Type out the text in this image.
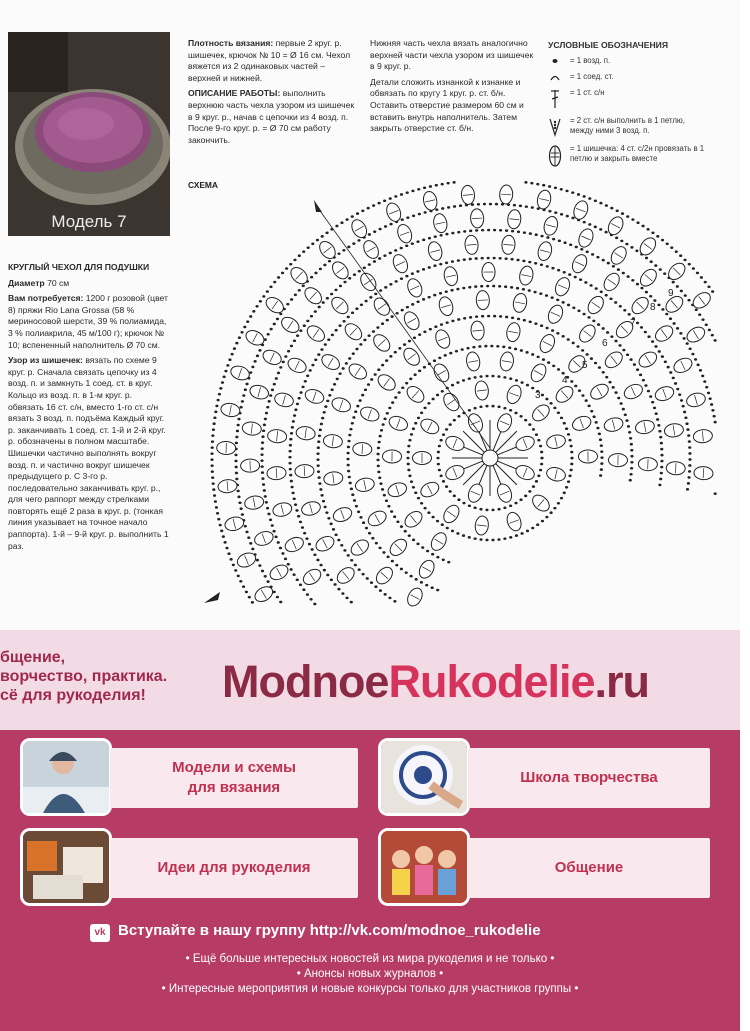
Модель 7
КРУГЛЫЙ ЧЕХОЛ ДЛЯ ПОДУШКИ

Диаметр 70 см

Вам потребуется: 1200 г розовой (цвет 8) пряжи Rio Lana Grossa (58 % мериносовой шерсти, 39 % полиамида, 3 % полиакрила, 45 м/100 г); крючок № 10; вспененный наполнитель Ø 70 см.

Узор из шишечек: вязать по схеме 9 круг. р. Сначала связать цепочку из 4 возд. п. и замкнуть 1 соед. ст. в круг. Кольцо из возд. п. в 1-м круг. р. обвязать 16 ст. с/н, вместо 1-го ст. с/н вязать 3 возд. п. подъёма Каждый круг. р. заканчивать 1 соед. ст. 1-й и 2-й круг. р. обозначены в полном масштабе. Шишечки частично выполнять вокруг возд. п. и частично вокруг шишечек предыдущего р. С 3-го р. последовательно заканчивать круг. р., для чего раппорт между стрелками повторять ещё 2 раза в круг. р. (тонкая линия указывает на точное начало раппорта). 1-й – 9-й круг. р. выполнить 1 раз.

Плотность вязания: первые 2 круг. р. шишечек, крючок № 10 = Ø 16 см. Чехол вяжется из 2 одинаковых частей – верхней и нижней.

ОПИСАНИЕ РАБОТЫ: выполнить верхнюю часть чехла узором из шишечек в 9 круг. р., начав с цепочки из 4 возд. п. После 9-го круг. р. = Ø 70 см работу закончить.

Нижняя часть чехла вязать аналогично верхней части чехла узором из шишечек в 9 круг. р.

Детали сложить изнанкой к изнанке и обвязать по кругу 1 круг. р. ст. б/н. Оставить отверстие размером 60 см и вставить внутрь наполнитель. Затем закрыть отверстие ст. б/н.

УСЛОВНЫЕ ОБОЗНАЧЕНИЯ
= 1 возд. п.
= 1 соед. ст.
= 1 ст. с/н
= 2 ст. с/н выполнить в 1 петлю, между ними 3 возд. п.
= 1 шишечка: 4 ст. с/2н провязать в 1 петлю и закрыть вместе
СХЕМА
3
4
5
6
7
8
9
бщение,
ворчество, практика.
сё для рукоделия!	ModnoeRukodelie.ru
Модели и схемы для вязания
Школа творчества
Идеи для рукоделия	Общение
vk Вступайте в нашу группу http://vk.com/modnoe_rukodelie
• Ещё больше интересных новостей из мира рукоделия и не только •
• Анонсы новых журналов •
• Интересные мероприятия и новые конкурсы только для участников группы •
